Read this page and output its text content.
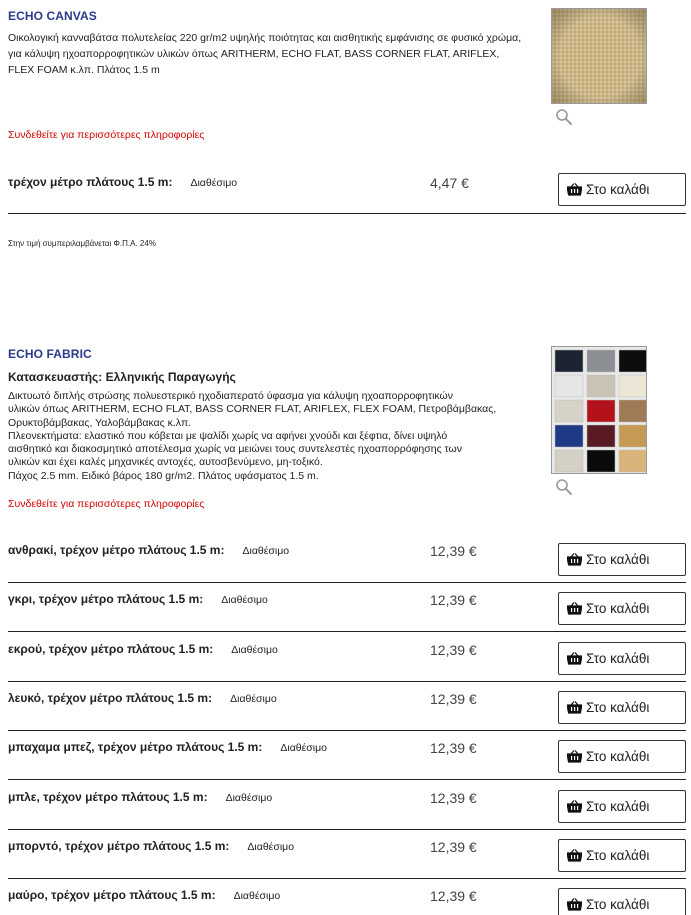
ECHO CANVAS
Οικολογική κανναβάτσα πολυτελείας 220 gr/m2 υψηλής ποιότητας και αισθητικής εμφάνισης σε φυσικό χρώμα, για κάλυψη ηχοαπορροφητικών υλικών όπως ARITHERM, ECHO FLAT, BASS CORNER FLAT, ARIFLEX, FLEX FOAM κ.λπ. Πλάτος 1.5 m
Συνδεθείτε για περισσότερες πληροφορίες
τρέχον μέτρο πλάτους 1.5 m: Διαθέσιμο	4,47 €	Στο καλάθι
Στην τιμή συμπεριλαμβάνεται Φ.Π.Α. 24%
ECHO FABRIC
Κατασκευαστής: Ελληνικής Παραγωγής
Δικτυωτό διπλής στρώσης πολυεστερικό ηχοδιαπερατό ύφασμα για κάλυψη ηχοαπορροφητικών
υλικών όπως ARITHERM, ECHO FLAT, BASS CORNER FLAT, ARIFLEX, FLEX FOAM, Πετροβάμβακας,
Ορυκτοβάμβακας, Υαλοβάμβακας κ.λπ.
Πλεονεκτήματα: ελαστικό που κόβεται με ψαλίδι χωρίς να αφήνει χνούδι και ξέφτια, δίνει υψηλό
αισθητικό και διακοσμητικό αποτέλεσμα χωρίς να μειώνει τους συντελεστές ηχοαπορρόφησης των
υλικών και έχει καλές μηχανικές αντοχές, αυτοσβενύμενο, μη-τοξικό.
Πάχος 2.5 mm. Ειδικό βάρος 180 gr/m2. Πλάτος υφάσματος 1.5 m.
Συνδεθείτε για περισσότερες πληροφορίες
ανθρακί, τρέχον μέτρο πλάτους 1.5 m: Διαθέσιμο	12,39 €
Στο καλάθι
γκρι, τρέχον μέτρο πλάτους 1.5 m: Διαθέσιμο	12,39 €
Στο καλάθι
εκρού, τρέχον μέτρο πλάτους 1.5 m: Διαθέσιμο	12,39 €
Στο καλάθι
λευκό, τρέχον μέτρο πλάτους 1.5 m: Διαθέσιμο	12,39 €
Στο καλάθι
μπαχαμα μπεζ, τρέχον μέτρο πλάτους 1.5 m: Διαθέσιμο	12,39 €
Στο καλάθι
μπλε, τρέχον μέτρο πλάτους 1.5 m: Διαθέσιμο	12,39 €
Στο καλάθι
μπορντό, τρέχον μέτρο πλάτους 1.5 m: Διαθέσιμο	12,39 €
Στο καλάθι
μαύρο, τρέχον μέτρο πλάτους 1.5 m: Διαθέσιμο	12,39 €
Στο καλάθι
